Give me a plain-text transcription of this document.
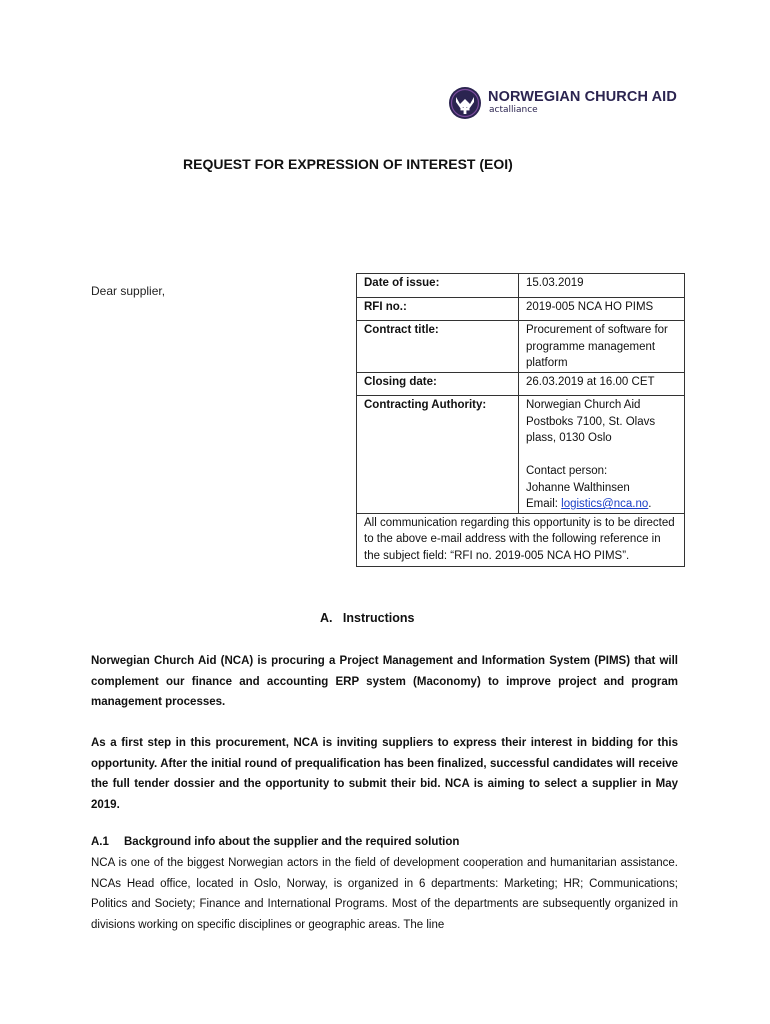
NORWEGIAN CHURCH AID
actalliance
REQUEST FOR EXPRESSION OF INTEREST (EOI)
Dear supplier,
Date of issue:	15.03.2019
RFI no.:	2019-005 NCA HO PIMS
Contract title:	Procurement of software for programme management platform
Closing date:	26.03.2019 at 16.00 CET
Contracting Authority:	Norwegian Church Aid
Postboks 7100, St. Olavs plass, 0130 Oslo
Contact person:
Johanne Walthinsen
Email: logistics@nca.no.

All communication regarding this opportunity is to be directed to the above e-mail address with the following reference in the subject field: “RFI no. 2019-005 NCA HO PIMS”.	
A.   Instructions
Norwegian Church Aid (NCA) is procuring a Project Management and Information System (PIMS) that will complement our finance and accounting ERP system (Maconomy) to improve project and program management processes.
As a first step in this procurement, NCA is inviting suppliers to express their interest in bidding for this opportunity. After the initial round of prequalification has been finalized, successful candidates will receive the full tender dossier and the opportunity to submit their bid. NCA is aiming to select a supplier in May 2019.
A.1 Background info about the supplier and the required solution
NCA is one of the biggest Norwegian actors in the field of development cooperation and humanitarian assistance. NCAs Head office, located in Oslo, Norway, is organized in 6 departments: Marketing; HR; Communications; Politics and Society; Finance and International Programs. Most of the departments are subsequently organized in divisions working on specific disciplines or geographic areas. The line
